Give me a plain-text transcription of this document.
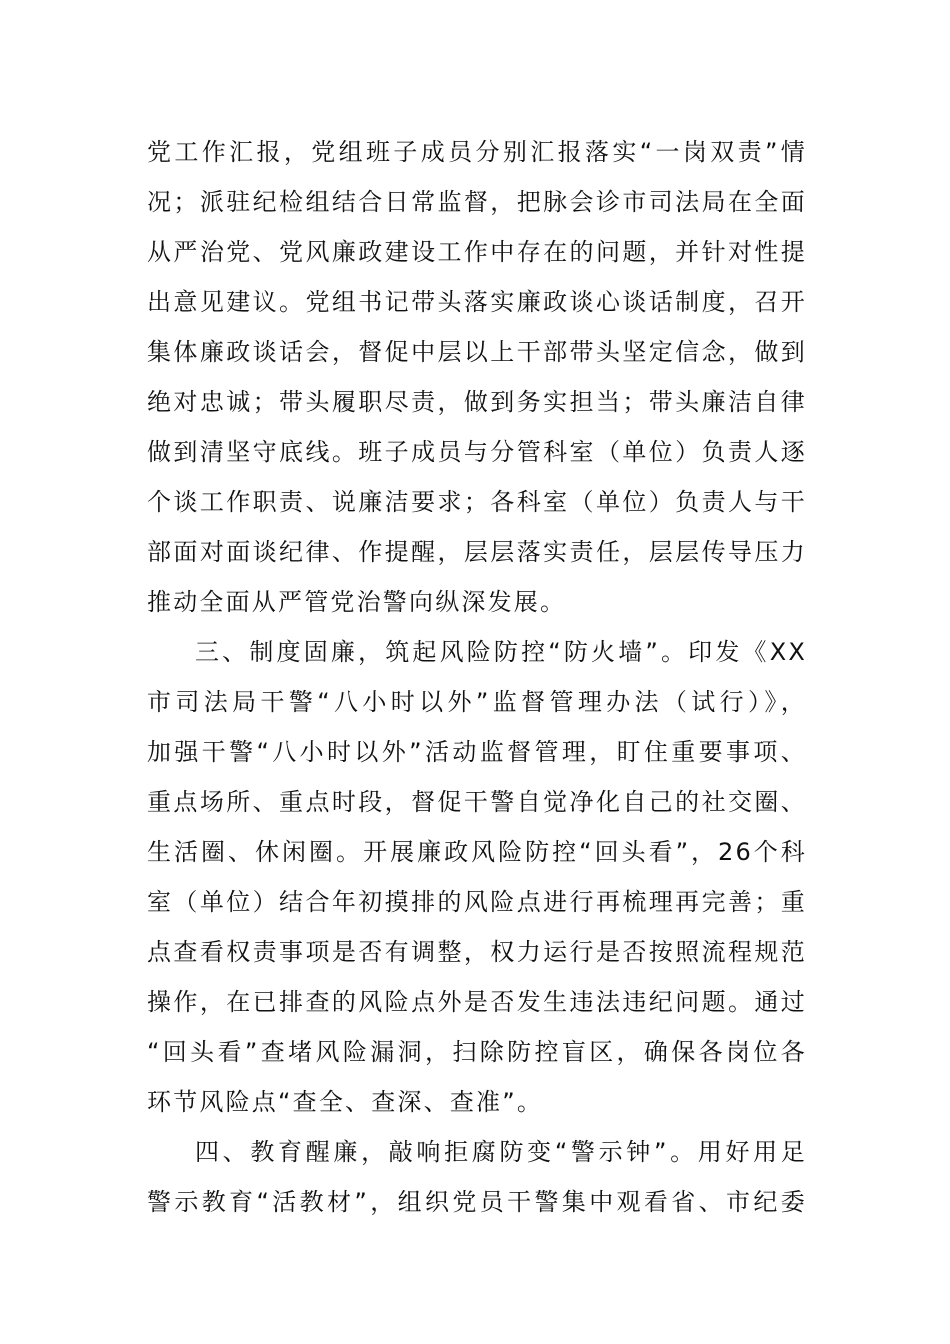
党工作汇报，党组班子成员分别汇报落实“一岗双责”情
况；派驻纪检组结合日常监督，把脉会诊市司法局在全面
从严治党、党风廉政建设工作中存在的问题，并针对性提
出意见建议。党组书记带头落实廉政谈心谈话制度，召开
集体廉政谈话会，督促中层以上干部带头坚定信念，做到
绝对忠诚；带头履职尽责，做到务实担当；带头廉洁自律
做到清坚守底线。班子成员与分管科室（单位）负责人逐
个谈工作职责、说廉洁要求；各科室（单位）负责人与干
部面对面谈纪律、作提醒，层层落实责任，层层传导压力
推动全面从严管党治警向纵深发展。
三、制度固廉，筑起风险防控“防火墙”。印发《XX
市司法局干警“八小时以外”监督管理办法（试行）》，
加强干警“八小时以外”活动监督管理，盯住重要事项、
重点场所、重点时段，督促干警自觉净化自己的社交圈、
生活圈、休闲圈。开展廉政风险防控“回头看”，26个科
室（单位）结合年初摸排的风险点进行再梳理再完善；重
点查看权责事项是否有调整，权力运行是否按照流程规范
操作，在已排查的风险点外是否发生违法违纪问题。通过
“回头看”查堵风险漏洞，扫除防控盲区，确保各岗位各
环节风险点“查全、查深、查准”。
四、教育醒廉，敲响拒腐防变“警示钟”。用好用足
警示教育“活教材”，组织党员干警集中观看省、市纪委
